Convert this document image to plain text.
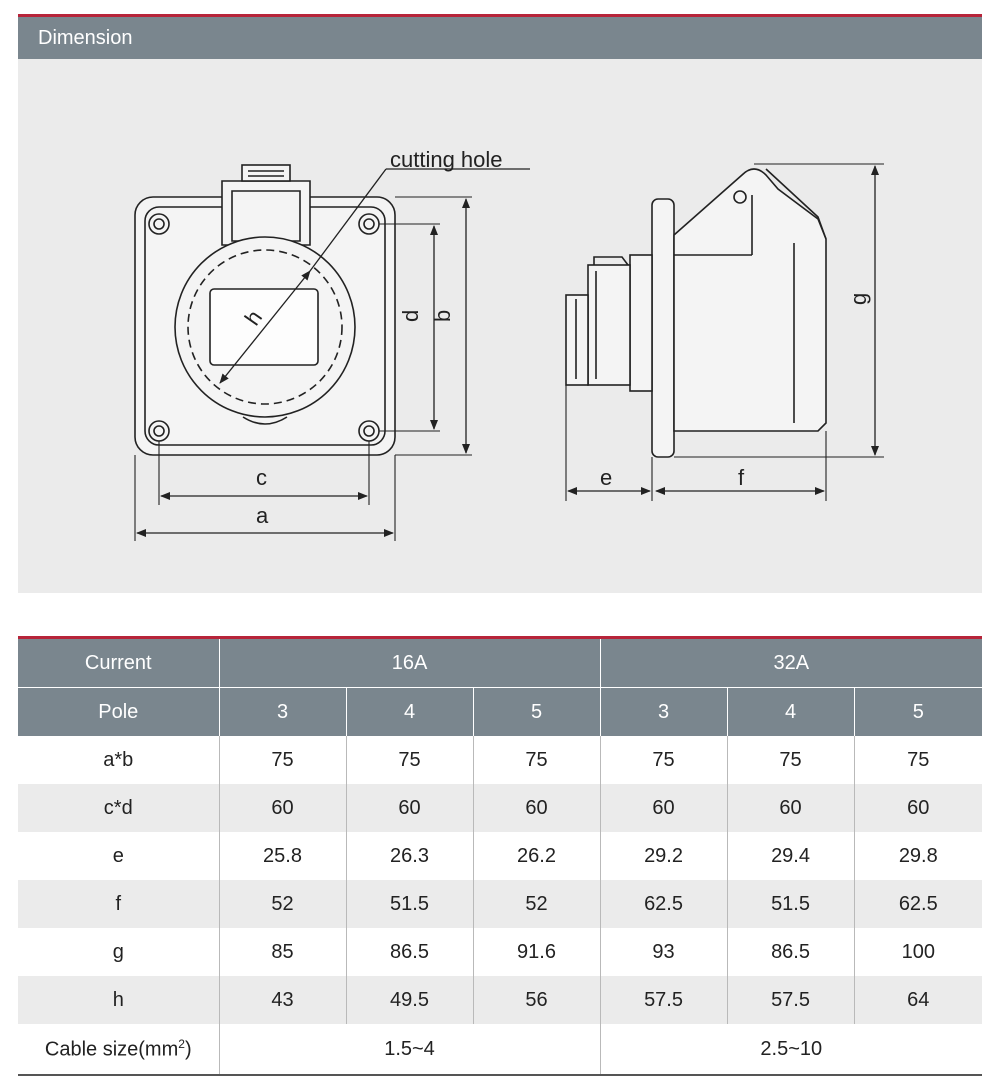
Dimension
cutting hole
h	b
d
c
a
g
e	f
Current	16A			32A		
Pole	3	4	5	3	4	5
a*b	75	75	75	75	75	75
c*d	60	60	60	60	60	60
e	25.8	26.3	26.2	29.2	29.4	29.8
f	52	51.5	52	62.5	51.5	62.5
g	85	86.5	91.6	93	86.5	100
h	43	49.5	56	57.5	57.5	64
Cable $size(mm^2)$	1.5~4			2.5~10		
